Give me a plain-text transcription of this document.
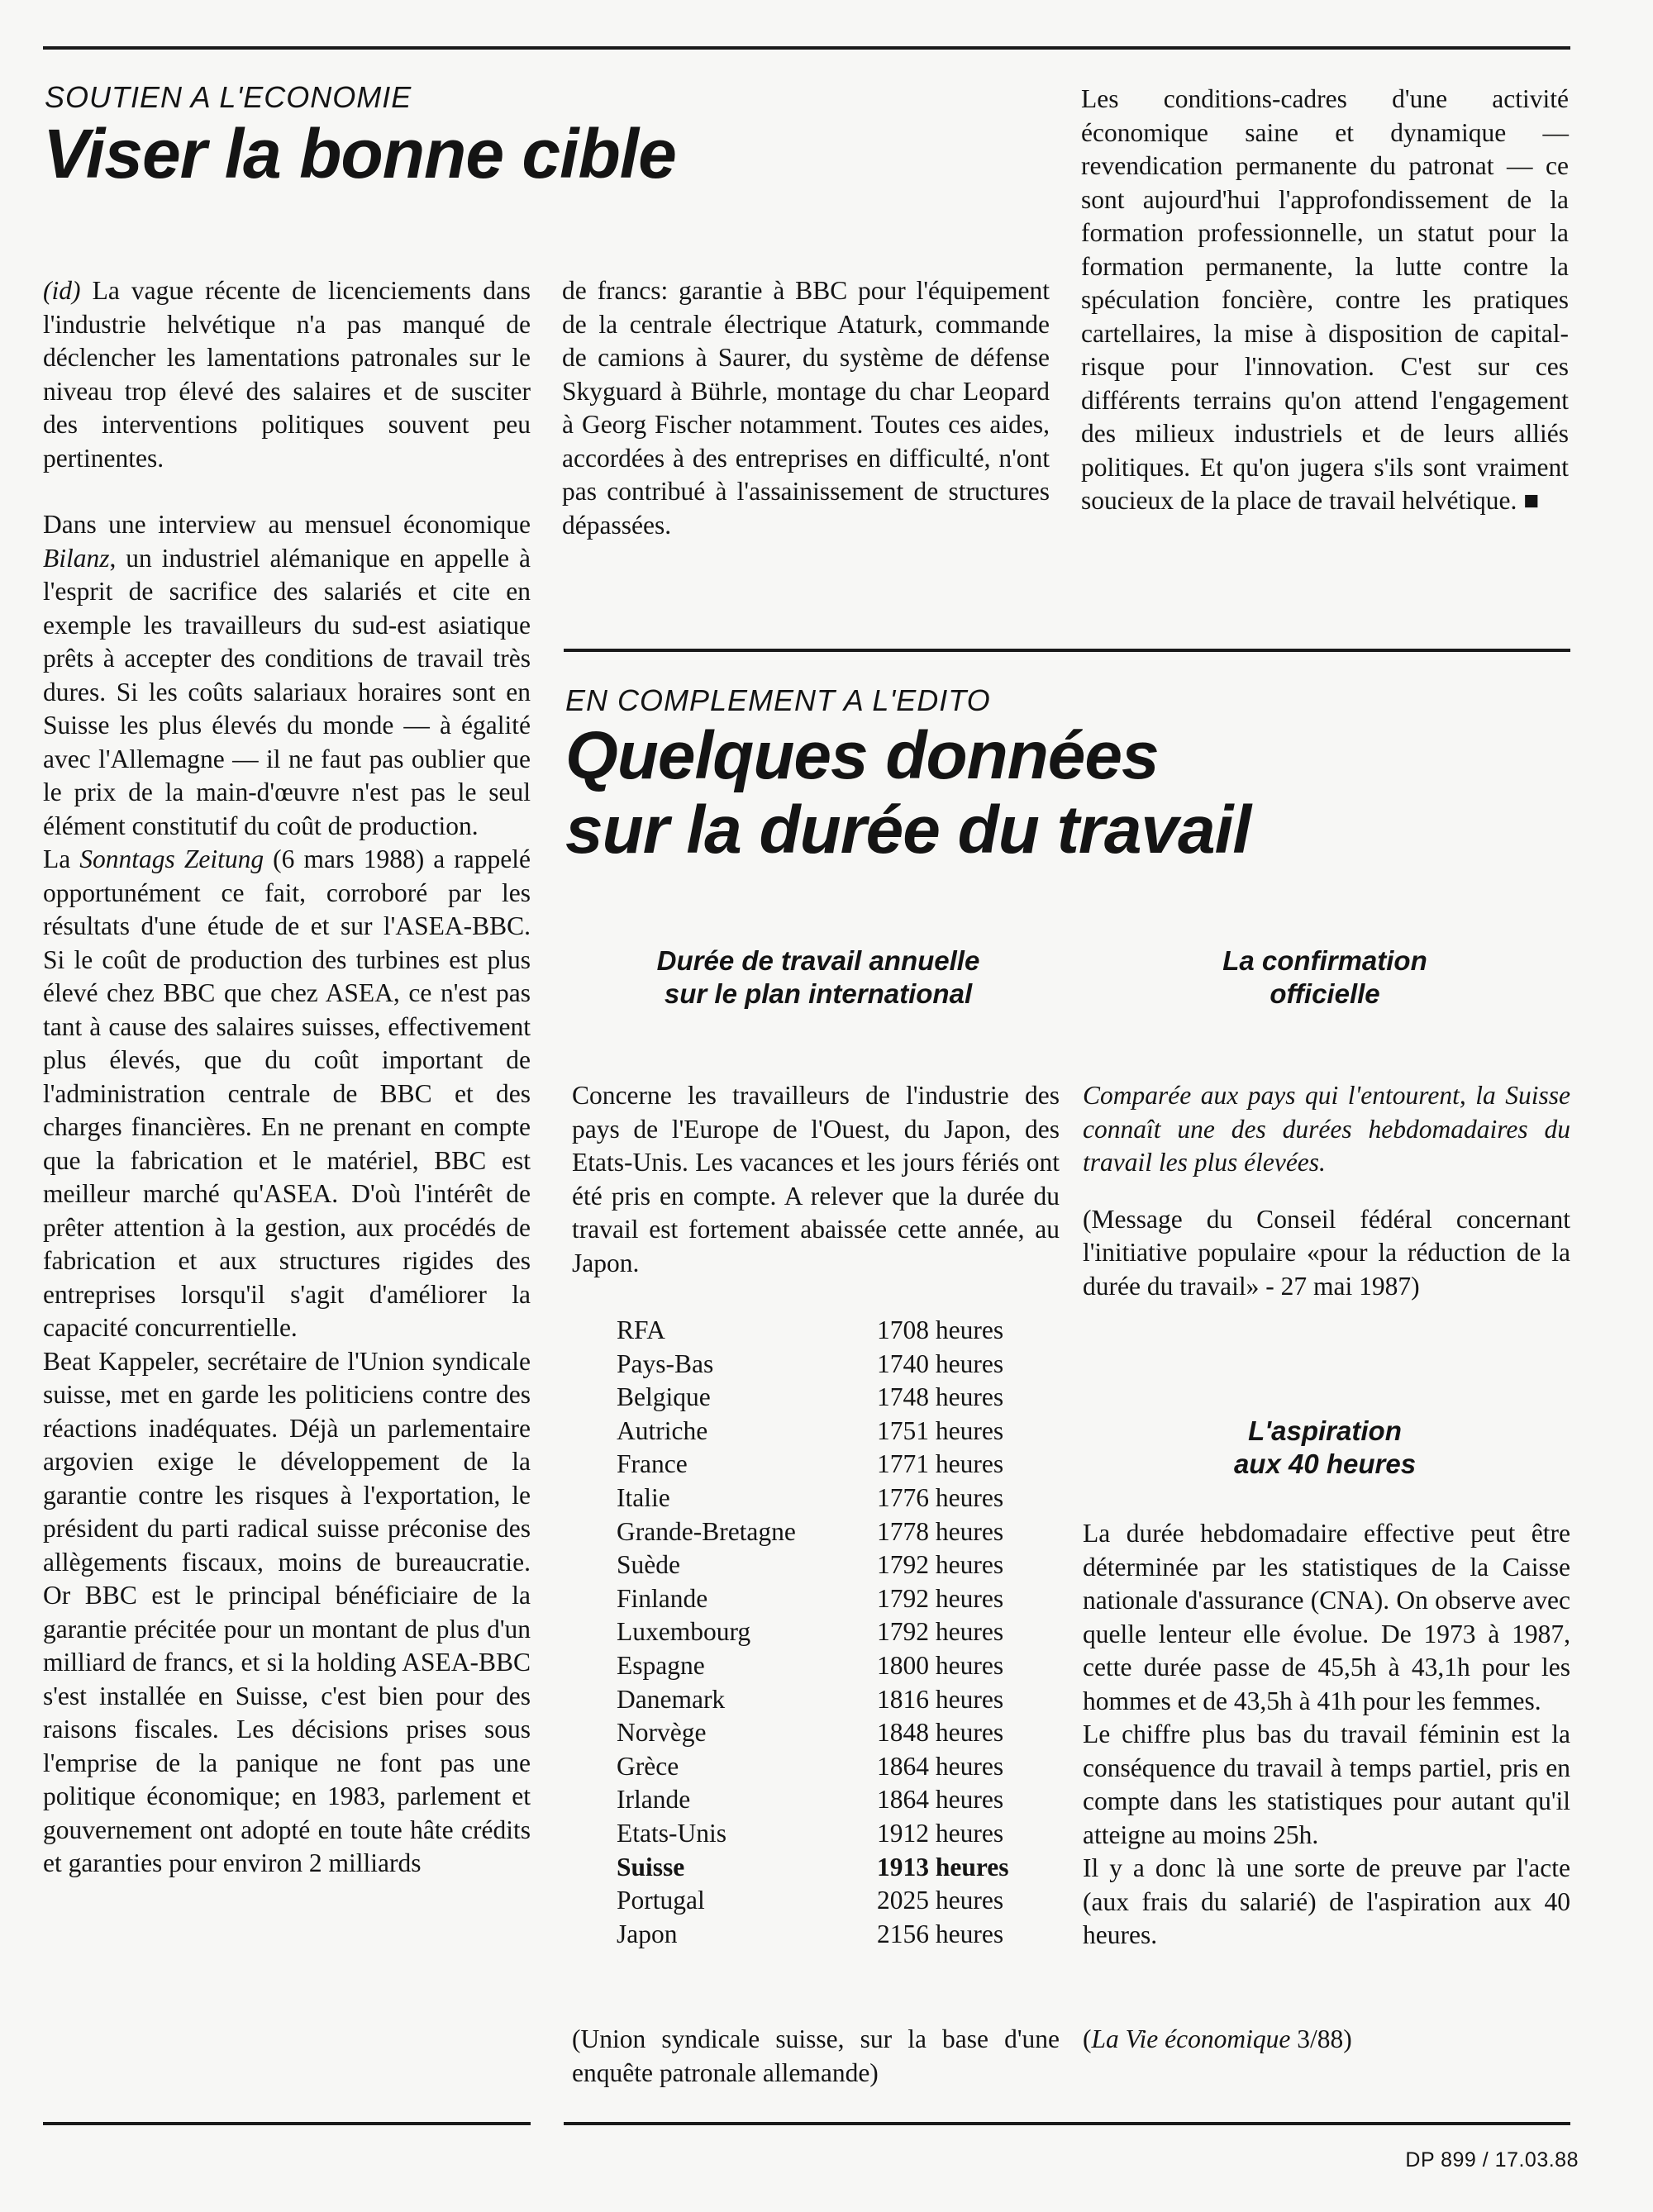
SOUTIEN A L'ECONOMIE
Viser la bonne cible

(id) La vague récente de licenciements dans l'industrie helvétique n'a pas manqué de déclencher les lamentations patronales sur le niveau trop élevé des salaires et de susciter des interventions politiques souvent peu pertinentes.

Dans une interview au mensuel économique Bilanz, un industriel alémanique en appelle à l'esprit de sacrifice des salariés et cite en exemple les travailleurs du sud-est asiatique prêts à accepter des conditions de travail très dures. Si les coûts salariaux horaires sont en Suisse les plus élevés du monde — à égalité avec l'Allemagne — il ne faut pas oublier que le prix de la main-d'œuvre n'est pas le seul élément constitutif du coût de production.

La Sonntags Zeitung (6 mars 1988) a rappelé opportunément ce fait, corroboré par les résultats d'une étude de et sur l'ASEA-BBC. Si le coût de production des turbines est plus élevé chez BBC que chez ASEA, ce n'est pas tant à cause des salaires suisses, effectivement plus élevés, que du coût important de l'administration centrale de BBC et des charges financières. En ne prenant en compte que la fabrication et le matériel, BBC est meilleur marché qu'ASEA. D'où l'intérêt de prêter attention à la gestion, aux procédés de fabrication et aux structures rigides des entreprises lorsqu'il s'agit d'améliorer la capacité concurrentielle.

Beat Kappeler, secrétaire de l'Union syndicale suisse, met en garde les politiciens contre des réactions inadéquates. Déjà un parlementaire argovien exige le développement de la garantie contre les risques à l'exportation, le président du parti radical suisse préconise des allègements fiscaux, moins de bureaucratie. Or BBC est le principal bénéficiaire de la garantie précitée pour un montant de plus d'un milliard de francs, et si la holding ASEA-BBC s'est installée en Suisse, c'est bien pour des raisons fiscales. Les décisions prises sous l'emprise de la panique ne font pas une politique économique; en 1983, parlement et gouvernement ont adopté en toute hâte crédits et garanties pour environ 2 milliards

de francs: garantie à BBC pour l'équipement de la centrale électrique Ataturk, commande de camions à Saurer, du système de défense Skyguard à Bührle, montage du char Leopard à Georg Fischer notamment. Toutes ces aides, accordées à des entreprises en difficulté, n'ont pas contribué à l'assainissement de structures dépassées.

Les conditions-cadres d'une activité économique saine et dynamique — revendication permanente du patronat — ce sont aujourd'hui l'approfondissement de la formation professionnelle, un statut pour la formation permanente, la lutte contre la spéculation foncière, contre les pratiques cartellaires, la mise à disposition de capital-risque pour l'innovation. C'est sur ces différents terrains qu'on attend l'engagement des milieux industriels et de leurs alliés politiques. Et qu'on jugera s'ils sont vraiment soucieux de la place de travail helvétique. ■

EN COMPLEMENT A L'EDITO
Quelques données
sur la durée du travail
Durée de travail annuelle
sur le plan international
La confirmation
officielle

Concerne les travailleurs de l'industrie des pays de l'Europe de l'Ouest, du Japon, des Etats-Unis. Les vacances et les jours fériés ont été pris en compte. A relever que la durée du travail est fortement abaissée cette année, au Japon.

RFA	1708 heures
Pays-Bas	1740 heures
Belgique	1748 heures
Autriche	1751 heures
France	1771 heures
Italie	1776 heures
Grande-Bretagne	1778 heures
Suède	1792 heures
Finlande	1792 heures
Luxembourg	1792 heures
Espagne	1800 heures
Danemark	1816 heures
Norvège	1848 heures
Grèce	1864 heures
Irlande	1864 heures
Etats-Unis	1912 heures
Suisse	1913 heures
Portugal	2025 heures
Japon	2156 heures

(Union syndicale suisse, sur la base d'une enquête patronale allemande)

Comparée aux pays qui l'entourent, la Suisse connaît une des durées hebdomadaires du travail les plus élevées.

(Message du Conseil fédéral concernant l'initiative populaire «pour la réduction de la durée du travail» - 27 mai 1987)

L'aspiration
aux 40 heures

La durée hebdomadaire effective peut être déterminée par les statistiques de la Caisse nationale d'assurance (CNA). On observe avec quelle lenteur elle évolue. De 1973 à 1987, cette durée passe de 45,5h à 43,1h pour les hommes et de 43,5h à 41h pour les femmes.

Le chiffre plus bas du travail féminin est la conséquence du travail à temps partiel, pris en compte dans les statistiques pour autant qu'il atteigne au moins 25h.

Il y a donc là une sorte de preuve par l'acte (aux frais du salarié) de l'aspiration aux 40 heures.

(La Vie économique 3/88)

DP 899 / 17.03.88
